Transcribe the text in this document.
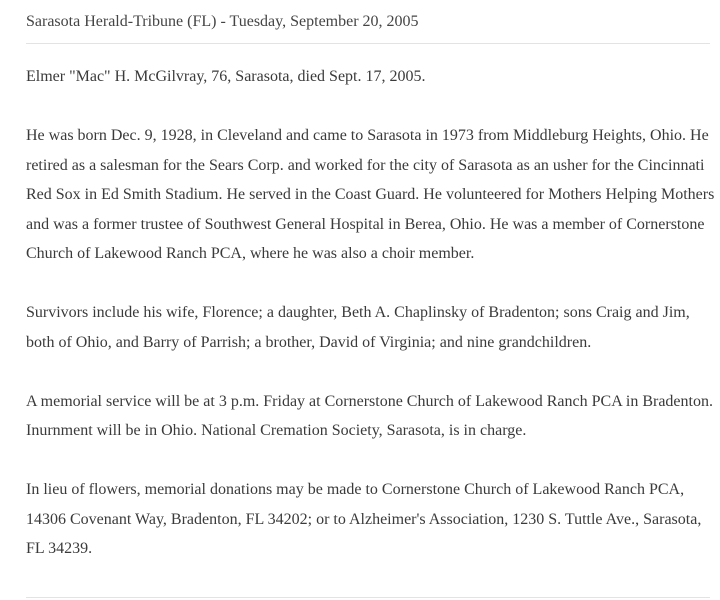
Sarasota Herald-Tribune (FL) - Tuesday, September 20, 2005

Elmer "Mac" H. McGilvray, 76, Sarasota, died Sept. 17, 2005.

He was born Dec. 9, 1928, in Cleveland and came to Sarasota in 1973 from Middleburg Heights, Ohio. He retired as a salesman for the Sears Corp. and worked for the city of Sarasota as an usher for the Cincinnati Red Sox in Ed Smith Stadium. He served in the Coast Guard. He volunteered for Mothers Helping Mothers and was a former trustee of Southwest General Hospital in Berea, Ohio. He was a member of Cornerstone Church of Lakewood Ranch PCA, where he was also a choir member.

Survivors include his wife, Florence; a daughter, Beth A. Chaplinsky of Bradenton; sons Craig and Jim, both of Ohio, and Barry of Parrish; a brother, David of Virginia; and nine grandchildren.

A memorial service will be at 3 p.m. Friday at Cornerstone Church of Lakewood Ranch PCA in Bradenton. Inurnment will be in Ohio. National Cremation Society, Sarasota, is in charge.

In lieu of flowers, memorial donations may be made to Cornerstone Church of Lakewood Ranch PCA, 14306 Covenant Way, Bradenton, FL 34202; or to Alzheimer's Association, 1230 S. Tuttle Ave., Sarasota, FL 34239.
